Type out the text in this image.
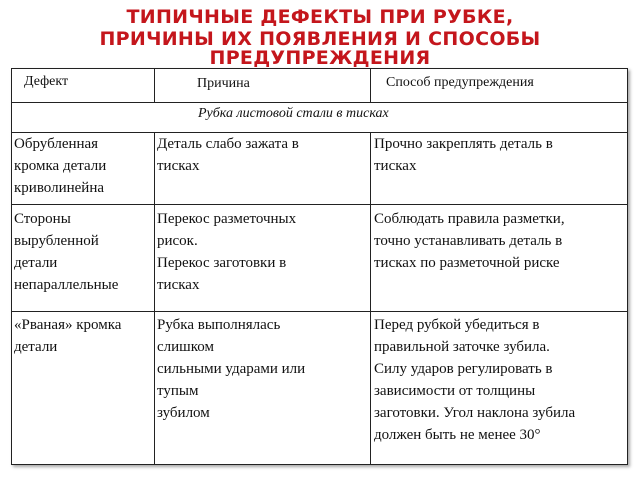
ТИПИЧНЫЕ ДЕФЕКТЫ ПРИ РУБКЕ,
ПРИЧИНЫ ИХ ПОЯВЛЕНИЯ И СПОСОБЫ
ПРЕДУПРЕЖДЕНИЯ
Дефект	Причина	Способ предупреждения
Рубка листовой стали в тисках
Обрубленная
кромка детали
криволинейна
Деталь слабо зажата в
тисках
Прочно закреплять деталь в
тисках
Стороны
вырубленной
детали
непараллельные
Перекос разметочных
рисок.
Перекос заготовки в
тисках
Соблюдать правила разметки,
точно устанавливать деталь в
тисках по разметочной риске
«Рваная» кромка
детали
Рубка выполнялась
слишком
сильными ударами или
тупым
зубилом
Перед рубкой убедиться в
правильной заточке зубила.
Силу ударов регулировать в
зависимости от толщины
заготовки. Угол наклона зубила
должен быть не менее 30°
